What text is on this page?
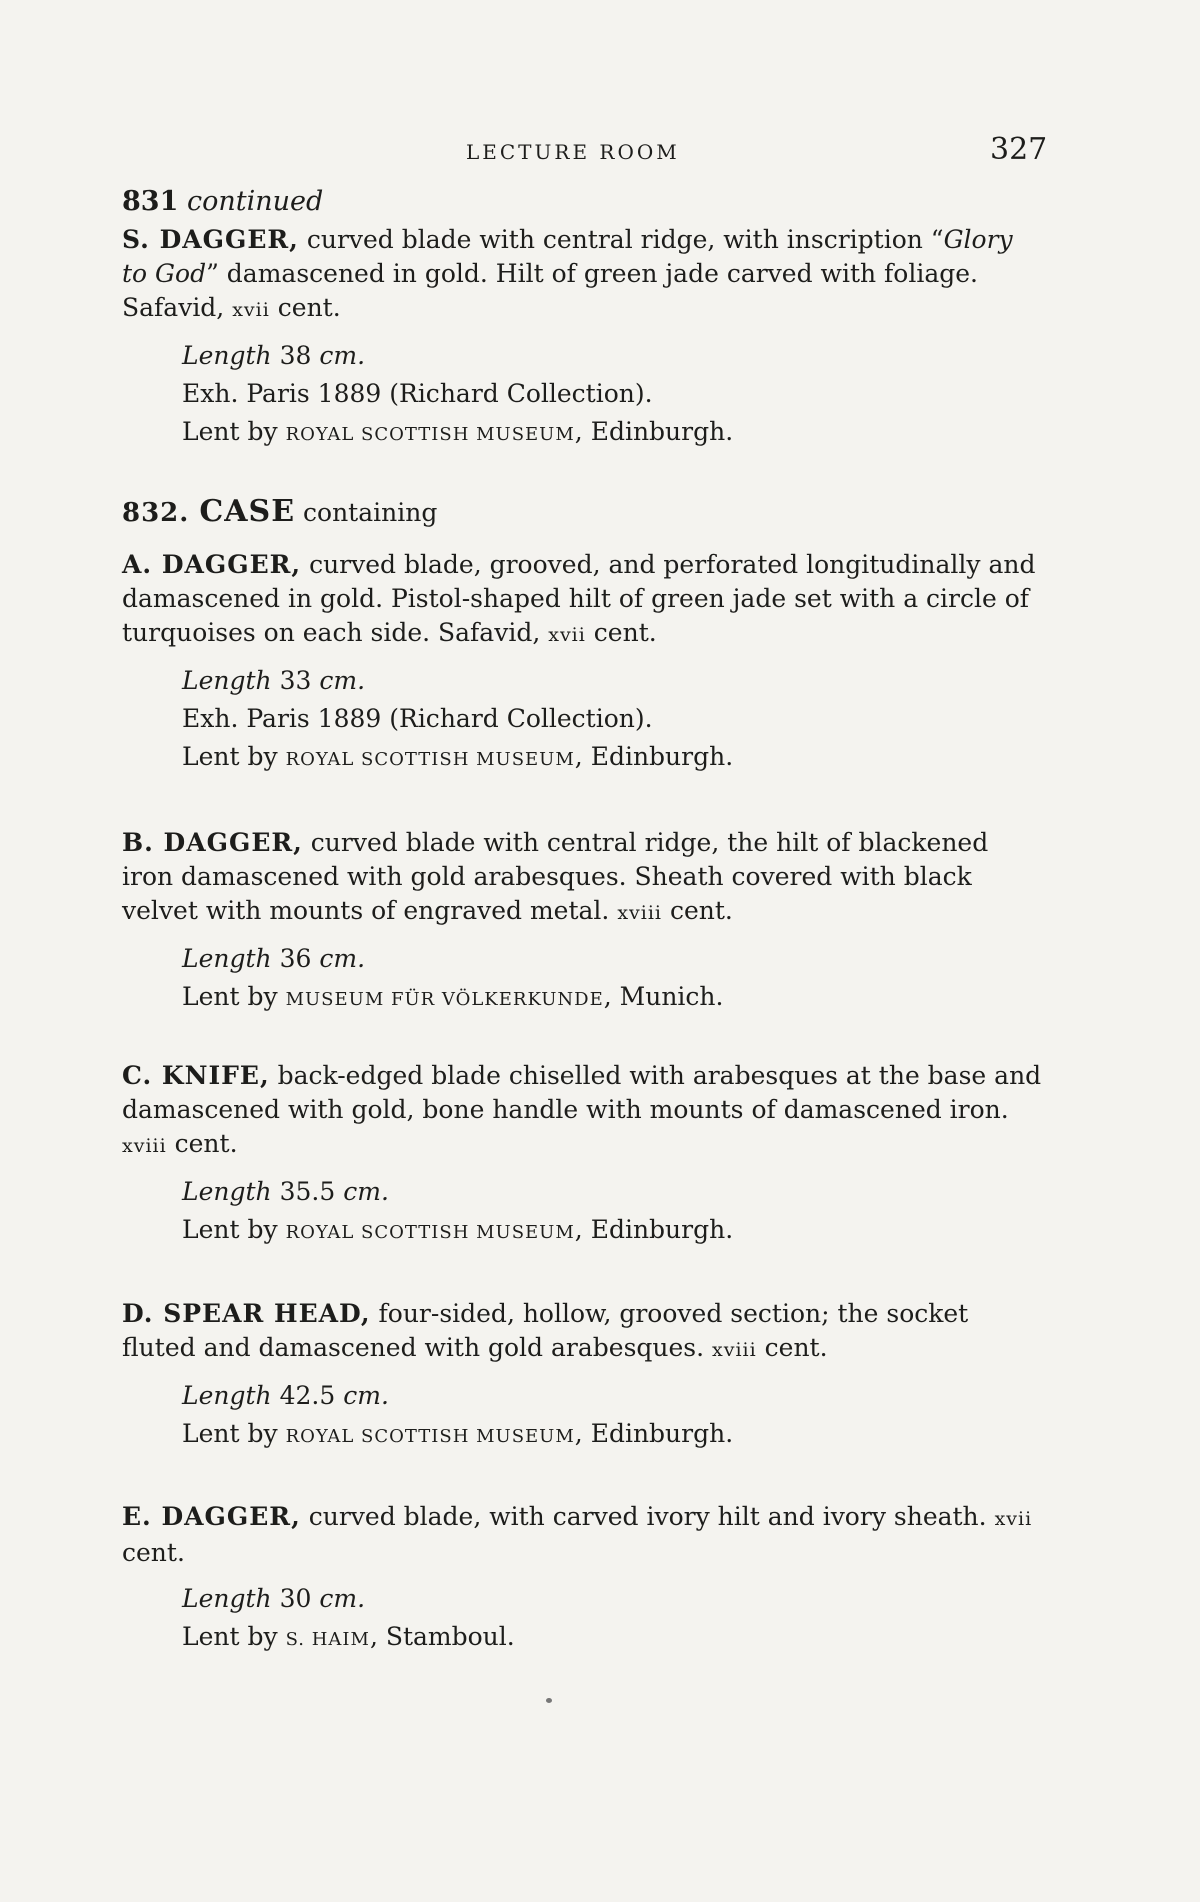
LECTURE ROOM	327

831 continued

S. DAGGER, curved blade with central ridge, with inscription “Glory to God” damascened in gold. Hilt of green jade carved with foliage. Safavid, xvii cent.

Length 38 cm.

Exh. Paris 1889 (Richard Collection).

Lent by ROYAL SCOTTISH MUSEUM, Edinburgh.

832. CASE containing

A. DAGGER, curved blade, grooved, and perforated longitudinally and damascened in gold. Pistol-shaped hilt of green jade set with a circle of turquoises on each side. Safavid, xvii cent.

Length 33 cm.

Exh. Paris 1889 (Richard Collection).

Lent by ROYAL SCOTTISH MUSEUM, Edinburgh.

B. DAGGER, curved blade with central ridge, the hilt of blackened iron damascened with gold arabesques. Sheath covered with black velvet with mounts of engraved metal. xviii cent.

Length 36 cm.

Lent by MUSEUM FÜR VÖLKERKUNDE, Munich.

C. KNIFE, back-edged blade chiselled with arabesques at the base and damascened with gold, bone handle with mounts of damascened iron. xviii cent.

Length 35.5 cm.

Lent by ROYAL SCOTTISH MUSEUM, Edinburgh.

D. SPEAR HEAD, four-sided, hollow, grooved section; the socket fluted and damascened with gold arabesques. xviii cent.

Length 42.5 cm.

Lent by ROYAL SCOTTISH MUSEUM, Edinburgh.

E. DAGGER, curved blade, with carved ivory hilt and ivory sheath. xvii cent.

Length 30 cm.

Lent by S. HAIM, Stamboul.
